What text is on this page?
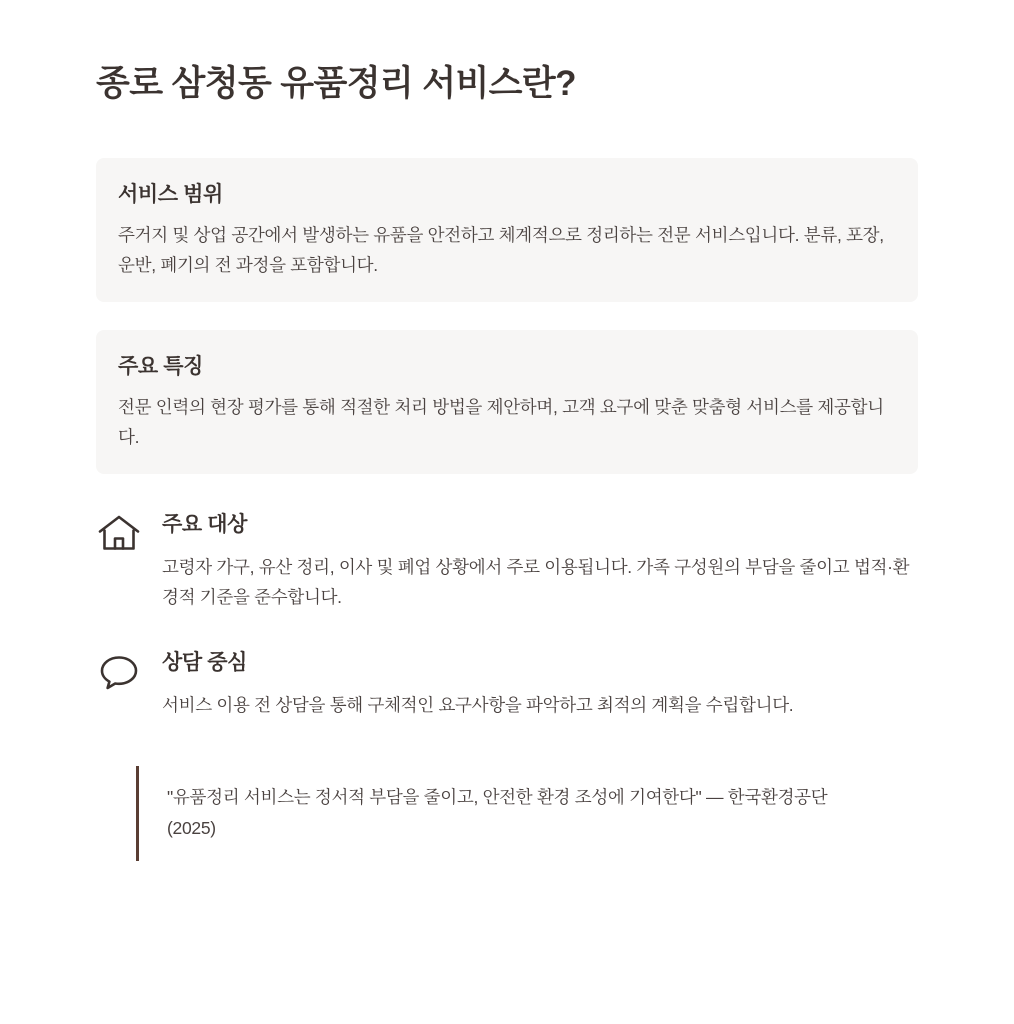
종로 삼청동 유품정리 서비스란?
서비스 범위

주거지 및 상업 공간에서 발생하는 유품을 안전하고 체계적으로 정리하는 전문 서비스입니다. 분류, 포장, 운반, 폐기의 전 과정을 포함합니다.

주요 특징

전문 인력의 현장 평가를 통해 적절한 처리 방법을 제안하며, 고객 요구에 맞춘 맞춤형 서비스를 제공합니다.

주요 대상

고령자 가구, 유산 정리, 이사 및 폐업 상황에서 주로 이용됩니다. 가족 구성원의 부담을 줄이고 법적·환경적 기준을 준수합니다.

상담 중심

서비스 이용 전 상담을 통해 구체적인 요구사항을 파악하고 최적의 계획을 수립합니다.

"유품정리 서비스는 정서적 부담을 줄이고, 안전한 환경 조성에 기여한다" — 한국환경공단 (2025)
